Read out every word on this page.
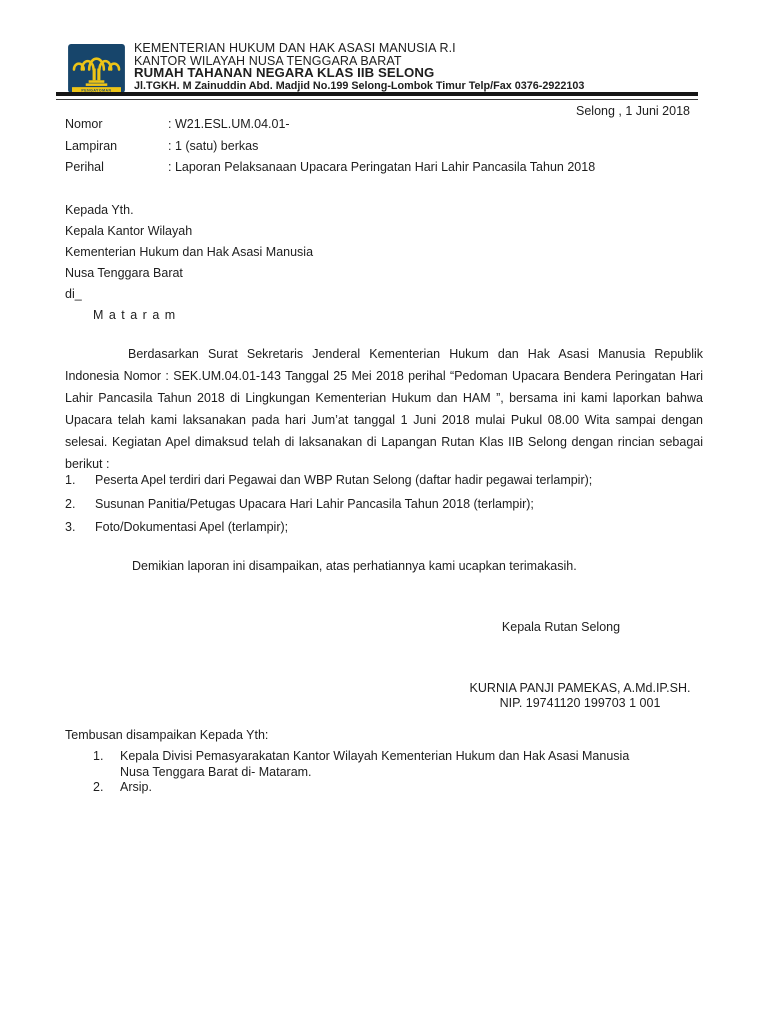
PENGAYOMAN
KEMENTERIAN HUKUM DAN HAK ASASI MANUSIA R.I
KANTOR WILAYAH NUSA TENGGARA BARAT
RUMAH TAHANAN NEGARA KLAS IIB SELONG
Jl.TGKH. M Zainuddin Abd. Madjid No.199 Selong-Lombok Timur Telp/Fax 0376-2922103
Selong , 1 Juni 2018
Nomor	: W21.ESL.UM.04.01-
Lampiran	: 1 (satu) berkas
Perihal	: Laporan Pelaksanaan Upacara Peringatan Hari Lahir Pancasila Tahun 2018
Kepada Yth.
Kepala Kantor Wilayah
Kementerian Hukum dan Hak Asasi Manusia
Nusa Tenggara Barat
di_
M a t a r a m
Berdasarkan Surat Sekretaris Jenderal Kementerian Hukum dan Hak Asasi Manusia Republik Indonesia Nomor : SEK.UM.04.01-143 Tanggal 25 Mei 2018 perihal “Pedoman Upacara Bendera Peringatan Hari Lahir Pancasila Tahun 2018 di Lingkungan Kementerian Hukum dan HAM ”, bersama ini kami laporkan bahwa Upacara telah kami laksanakan pada hari Jum’at tanggal 1 Juni 2018 mulai Pukul 08.00 Wita sampai dengan selesai. Kegiatan Apel dimaksud telah di laksanakan di Lapangan Rutan Klas IIB Selong dengan rincian sebagai berikut :
1.	Peserta Apel terdiri dari Pegawai dan WBP Rutan Selong (daftar hadir pegawai terlampir);
2.	Susunan Panitia/Petugas Upacara Hari Lahir Pancasila Tahun 2018 (terlampir);
3.	Foto/Dokumentasi Apel (terlampir);
Demikian laporan ini disampaikan, atas perhatiannya kami ucapkan terimakasih.
Kepala Rutan Selong
KURNIA PANJI PAMEKAS, A.Md.IP.SH.
NIP. 19741120 199703 1 001
Tembusan disampaikan Kepada Yth:
1.	Kepala Divisi Pemasyarakatan Kantor Wilayah Kementerian Hukum dan Hak Asasi Manusia Nusa Tenggara Barat di- Mataram.
2.	Arsip.
